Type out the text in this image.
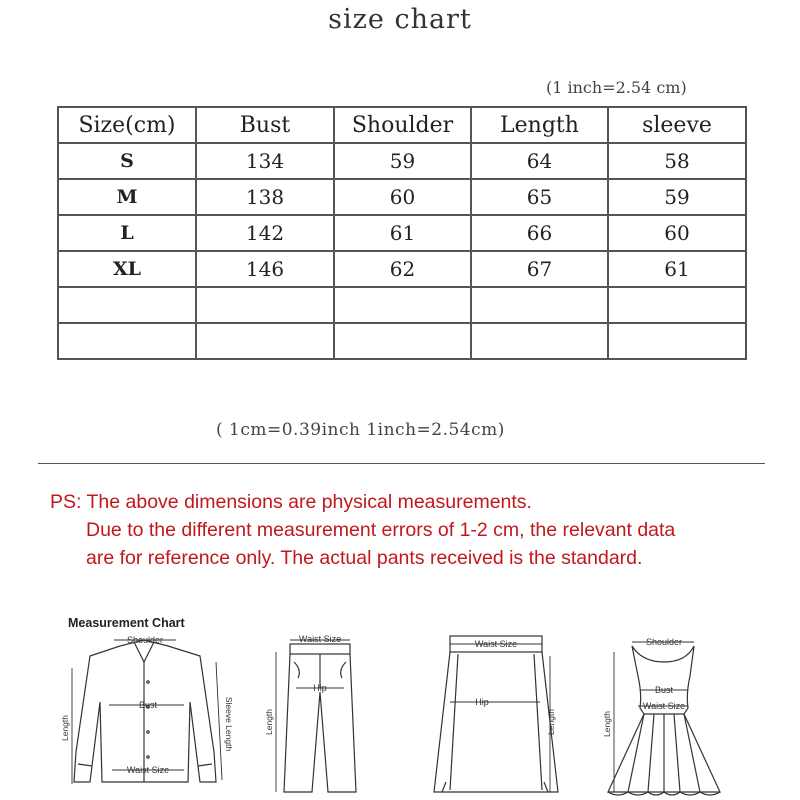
size chart
(1 inch=2.54 cm)
Size(cm)	Bust	Shoulder	Length	sleeve
S	134	59	64	58
M	138	60	65	59
L	142	61	66	60
XL	146	62	67	61

( 1cm=0.39inch 1inch=2.54cm)
PS: The above dimensions are physical measurements.
Due to the different measurement errors of 1-2 cm, the relevant data
are for reference only. The actual pants received is the standard.
Measurement Chart
Shoulder
Bust
Waist Size
Length	Sleeve Length
Waist Size
Hip
Length
Waist Size
Hip
Length
Shoulder
Bust
Waist Size
Length
